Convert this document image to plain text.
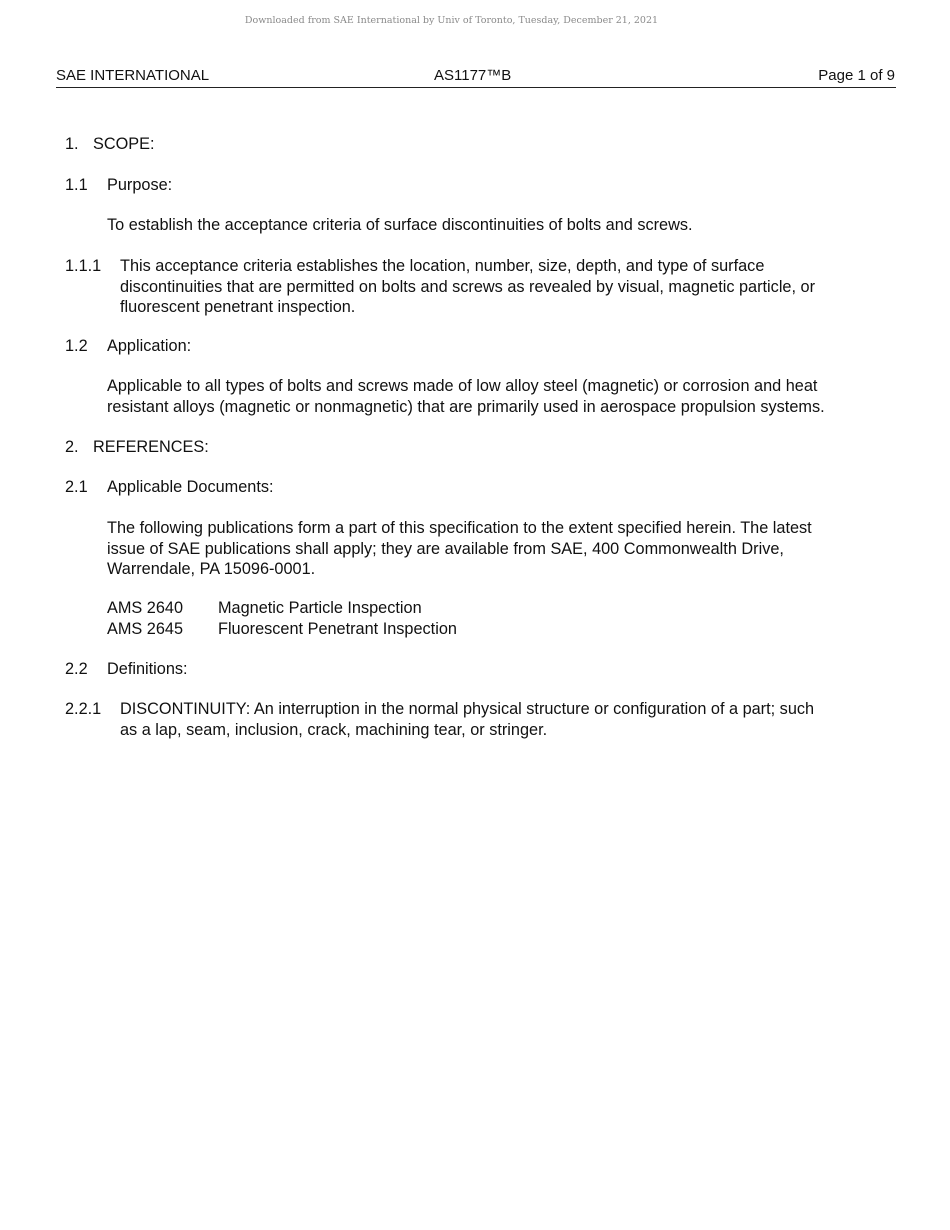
Downloaded from SAE International by Univ of Toronto, Tuesday, December 21, 2021
SAE INTERNATIONAL	AS1177™B	Page 1 of 9
1. SCOPE:
1.1 Purpose:
To establish the acceptance criteria of surface discontinuities of bolts and screws.
1.1.1 This acceptance criteria establishes the location, number, size, depth, and type of surface
discontinuities that are permitted on bolts and screws as revealed by visual, magnetic particle, or
fluorescent penetrant inspection.
1.2 Application:
Applicable to all types of bolts and screws made of low alloy steel (magnetic) or corrosion and heat
resistant alloys (magnetic or nonmagnetic) that are primarily used in aerospace propulsion systems.
2. REFERENCES:
2.1 Applicable Documents:
The following publications form a part of this specification to the extent specified herein. The latest
issue of SAE publications shall apply; they are available from SAE, 400 Commonwealth Drive,
Warrendale, PA 15096-0001.
AMS 2640 Magnetic Particle Inspection
AMS 2645 Fluorescent Penetrant Inspection
2.2 Definitions:
2.2.1 DISCONTINUITY: An interruption in the normal physical structure or configuration of a part; such
as a lap, seam, inclusion, crack, machining tear, or stringer.
